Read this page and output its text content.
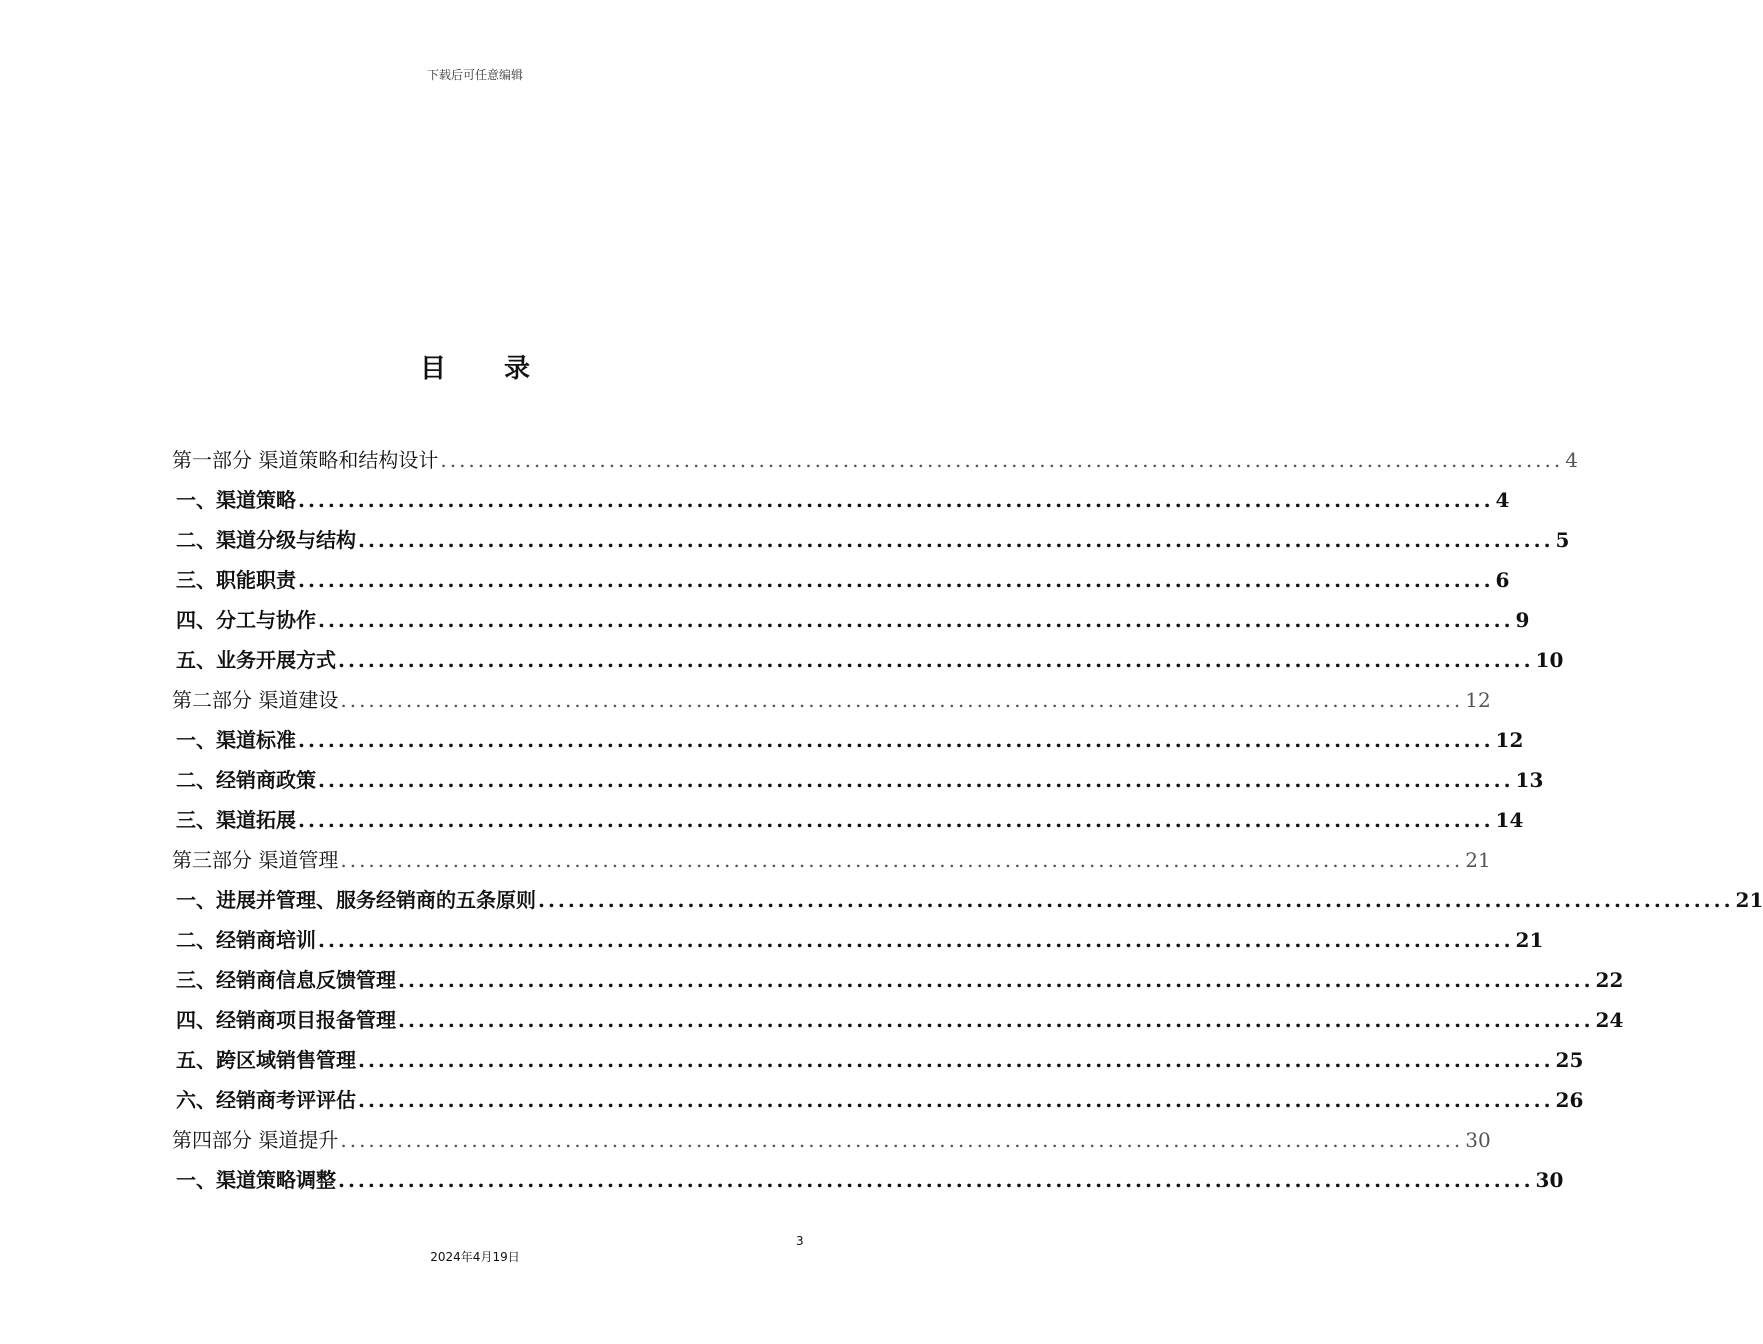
下载后可任意编辑
目 录
第一部分 渠道策略和结构设计 ........................................................................................................................ 4
一、渠道策略 ........................................................................................................................ 4
二、渠道分级与结构 ........................................................................................................................ 5
三、职能职责 ........................................................................................................................ 6
四、分工与协作 ........................................................................................................................ 9
五、业务开展方式 ........................................................................................................................ 10
第二部分 渠道建设 ........................................................................................................................ 12
一、渠道标准 ........................................................................................................................ 12
二、经销商政策 ........................................................................................................................ 13
三、渠道拓展 ........................................................................................................................ 14
第三部分 渠道管理 ........................................................................................................................ 21
一、进展并管理、服务经销商的五条原则 ........................................................................................................................ 21
二、经销商培训 ........................................................................................................................ 21
三、经销商信息反馈管理 ........................................................................................................................ 22
四、经销商项目报备管理 ........................................................................................................................ 24
五、跨区域销售管理 ........................................................................................................................ 25
六、经销商考评评估 ........................................................................................................................ 26
第四部分 渠道提升 ........................................................................................................................ 30
一、渠道策略调整 ........................................................................................................................ 30
3
2024年4月19日
